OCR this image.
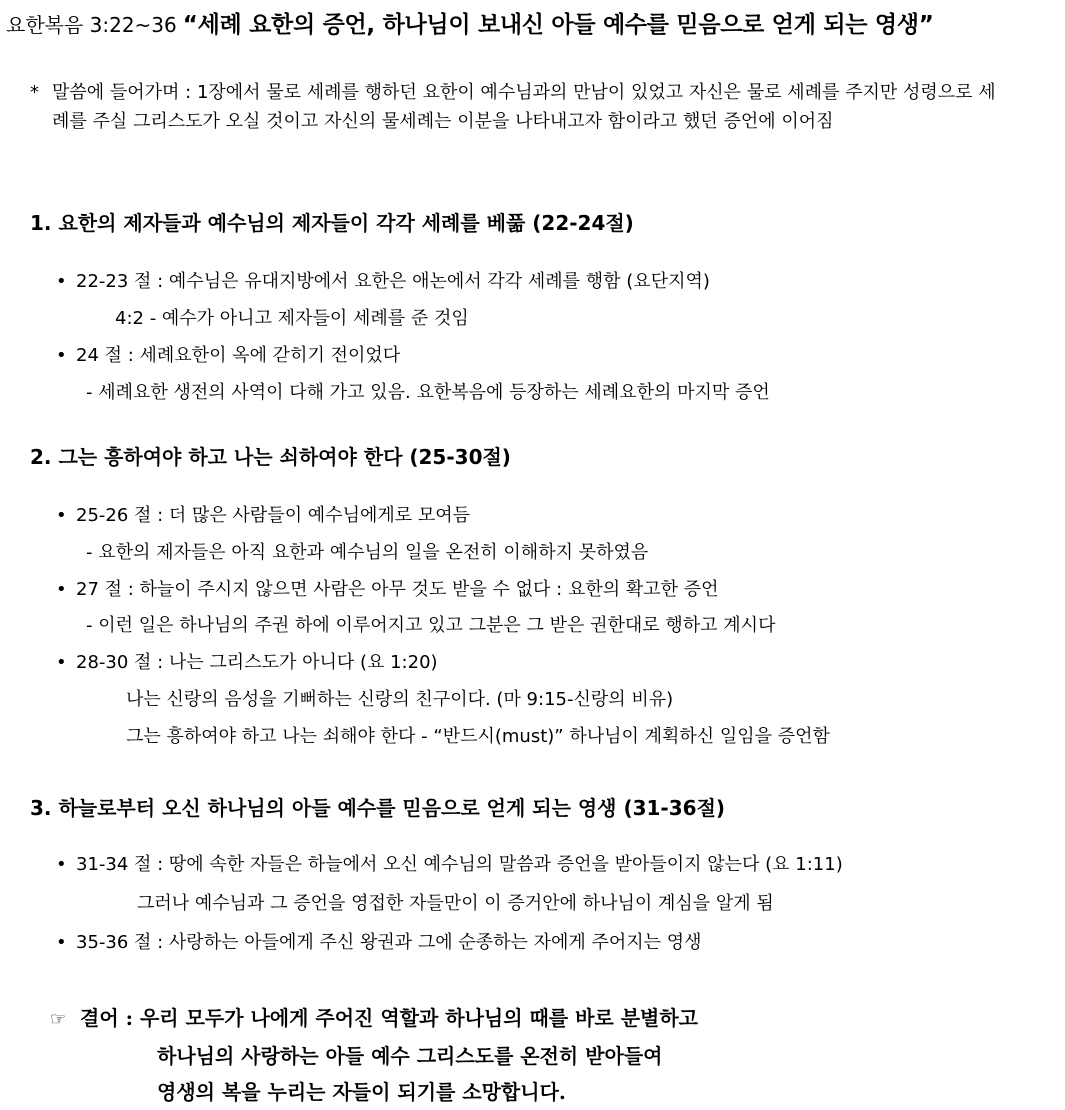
요한복음 3:22~36 “세례 요한의 증언, 하나님이 보내신 아들 예수를 믿음으로 얻게 되는 영생”
* 말씀에 들어가며 : 1장에서 물로 세례를 행하던 요한이 예수님과의 만남이 있었고 자신은 물로 세례를 주지만 성령으로 세례를 주실 그리스도가 오실 것이고 자신의 물세례는 이분을 나타내고자 함이라고 했던 증언에 이어짐
1. 요한의 제자들과 예수님의 제자들이 각각 세례를 베풂 (22-24절)
• 22-23 절 : 예수님은 유대지방에서 요한은 애논에서 각각 세례를 행함 (요단지역)
4:2 - 예수가 아니고 제자들이 세례를 준 것임
• 24 절 : 세례요한이 옥에 갇히기 전이었다
- 세례요한 생전의 사역이 다해 가고 있음. 요한복음에 등장하는 세례요한의 마지막 증언
2. 그는 흥하여야 하고 나는 쇠하여야 한다 (25-30절)
• 25-26 절 : 더 많은 사람들이 예수님에게로 모여듬
- 요한의 제자들은 아직 요한과 예수님의 일을 온전히 이해하지 못하였음
• 27 절 : 하늘이 주시지 않으면 사람은 아무 것도 받을 수 없다 : 요한의 확고한 증언
- 이런 일은 하나님의 주권 하에 이루어지고 있고 그분은 그 받은 권한대로 행하고 계시다
• 28-30 절 : 나는 그리스도가 아니다 (요 1:20)
나는 신랑의 음성을 기뻐하는 신랑의 친구이다. (마 9:15-신랑의 비유)
그는 흥하여야 하고 나는 쇠해야 한다 - “반드시(must)” 하나님이 계획하신 일임을 증언함
3. 하늘로부터 오신 하나님의 아들 예수를 믿음으로 얻게 되는 영생 (31-36절)
• 31-34 절 : 땅에 속한 자들은 하늘에서 오신 예수님의 말씀과 증언을 받아들이지 않는다 (요 1:11)
그러나 예수님과 그 증언을 영접한 자들만이 이 증거안에 하나님이 계심을 알게 됨
• 35-36 절 : 사랑하는 아들에게 주신 왕권과 그에 순종하는 자에게 주어지는 영생
☞ 결어 : 우리 모두가 나에게 주어진 역할과 하나님의 때를 바로 분별하고
하나님의 사랑하는 아들 예수 그리스도를 온전히 받아들여
영생의 복을 누리는 자들이 되기를 소망합니다.
